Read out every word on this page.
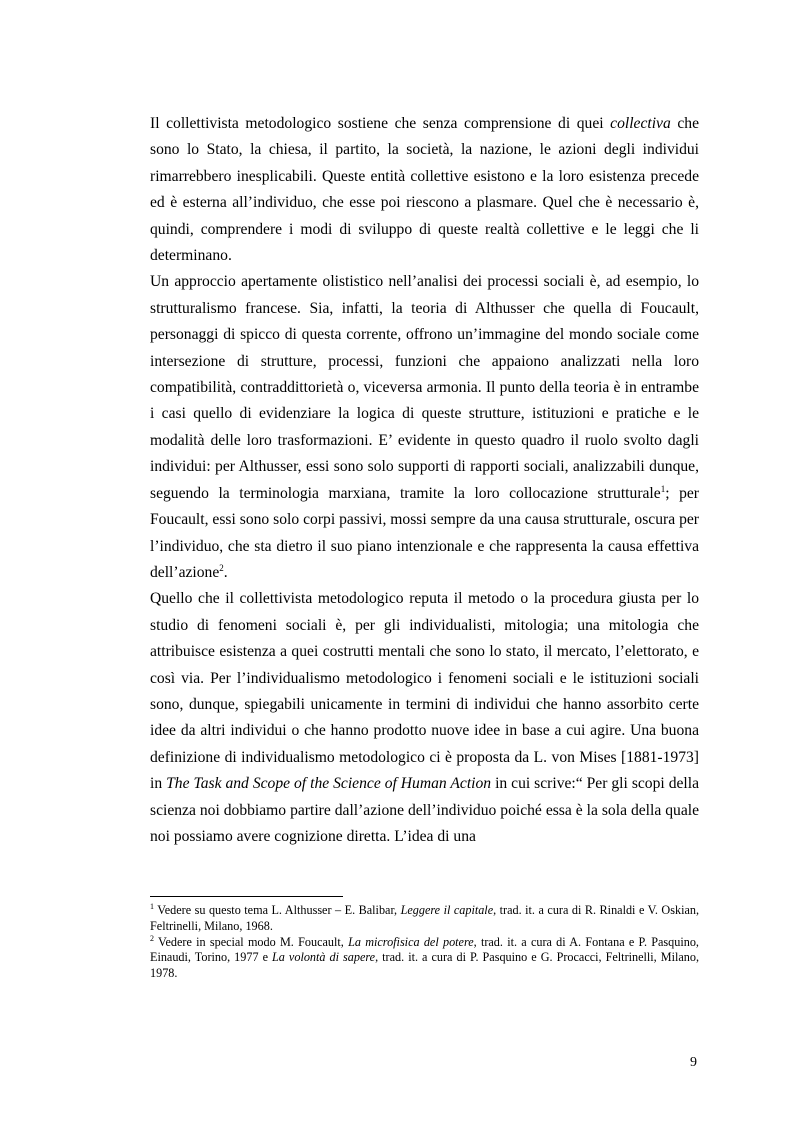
Il collettivista metodologico sostiene che senza comprensione di quei collectiva che sono lo Stato, la chiesa, il partito, la società, la nazione, le azioni degli individui rimarrebbero inesplicabili. Queste entità collettive esistono e la loro esistenza precede ed è esterna all’individuo, che esse poi riescono a plasmare. Quel che è necessario è, quindi, comprendere i modi di sviluppo di queste realtà collettive e le leggi che li determinano.

Un approccio apertamente olististico nell’analisi dei processi sociali è, ad esempio, lo strutturalismo francese. Sia, infatti, la teoria di Althusser che quella di Foucault, personaggi di spicco di questa corrente, offrono un’immagine del mondo sociale come intersezione di strutture, processi, funzioni che appaiono analizzati nella loro compatibilità, contraddittorietà o, viceversa armonia. Il punto della teoria è in entrambe i casi quello di evidenziare la logica di queste strutture, istituzioni e pratiche e le modalità delle loro trasformazioni. E’ evidente in questo quadro il ruolo svolto dagli individui: per Althusser, essi sono solo supporti di rapporti sociali, analizzabili dunque, seguendo la terminologia marxiana, tramite la loro collocazione strutturale$^1$; per Foucault, essi sono solo corpi passivi, mossi sempre da una causa strutturale, oscura per l’individuo, che sta dietro il suo piano intenzionale e che rappresenta la causa effettiva dell’azione$^2$.

Quello che il collettivista metodologico reputa il metodo o la procedura giusta per lo studio di fenomeni sociali è, per gli individualisti, mitologia; una mitologia che attribuisce esistenza a quei costrutti mentali che sono lo stato, il mercato, l’elettorato, e così via. Per l’individualismo metodologico i fenomeni sociali e le istituzioni sociali sono, dunque, spiegabili unicamente in termini di individui che hanno assorbito certe idee da altri individui o che hanno prodotto nuove idee in base a cui agire. Una buona definizione di individualismo metodologico ci è proposta da L. von Mises [1881-1973] in The Task and Scope of the Science of Human Action in cui scrive:“ Per gli scopi della scienza noi dobbiamo partire dall’azione dell’individuo poiché essa è la sola della quale noi possiamo avere cognizione diretta. L’idea di una

$^1$ Vedere su questo tema L. Althusser – E. Balibar, Leggere il capitale, trad. it. a cura di R. Rinaldi e V. Oskian, Feltrinelli, Milano, 1968.

$^2$ Vedere in special modo M. Foucault, La microfisica del potere, trad. it. a cura di A. Fontana e P. Pasquino, Einaudi, Torino, 1977 e La volontà di sapere, trad. it. a cura di P. Pasquino e G. Procacci, Feltrinelli, Milano, 1978.

9
